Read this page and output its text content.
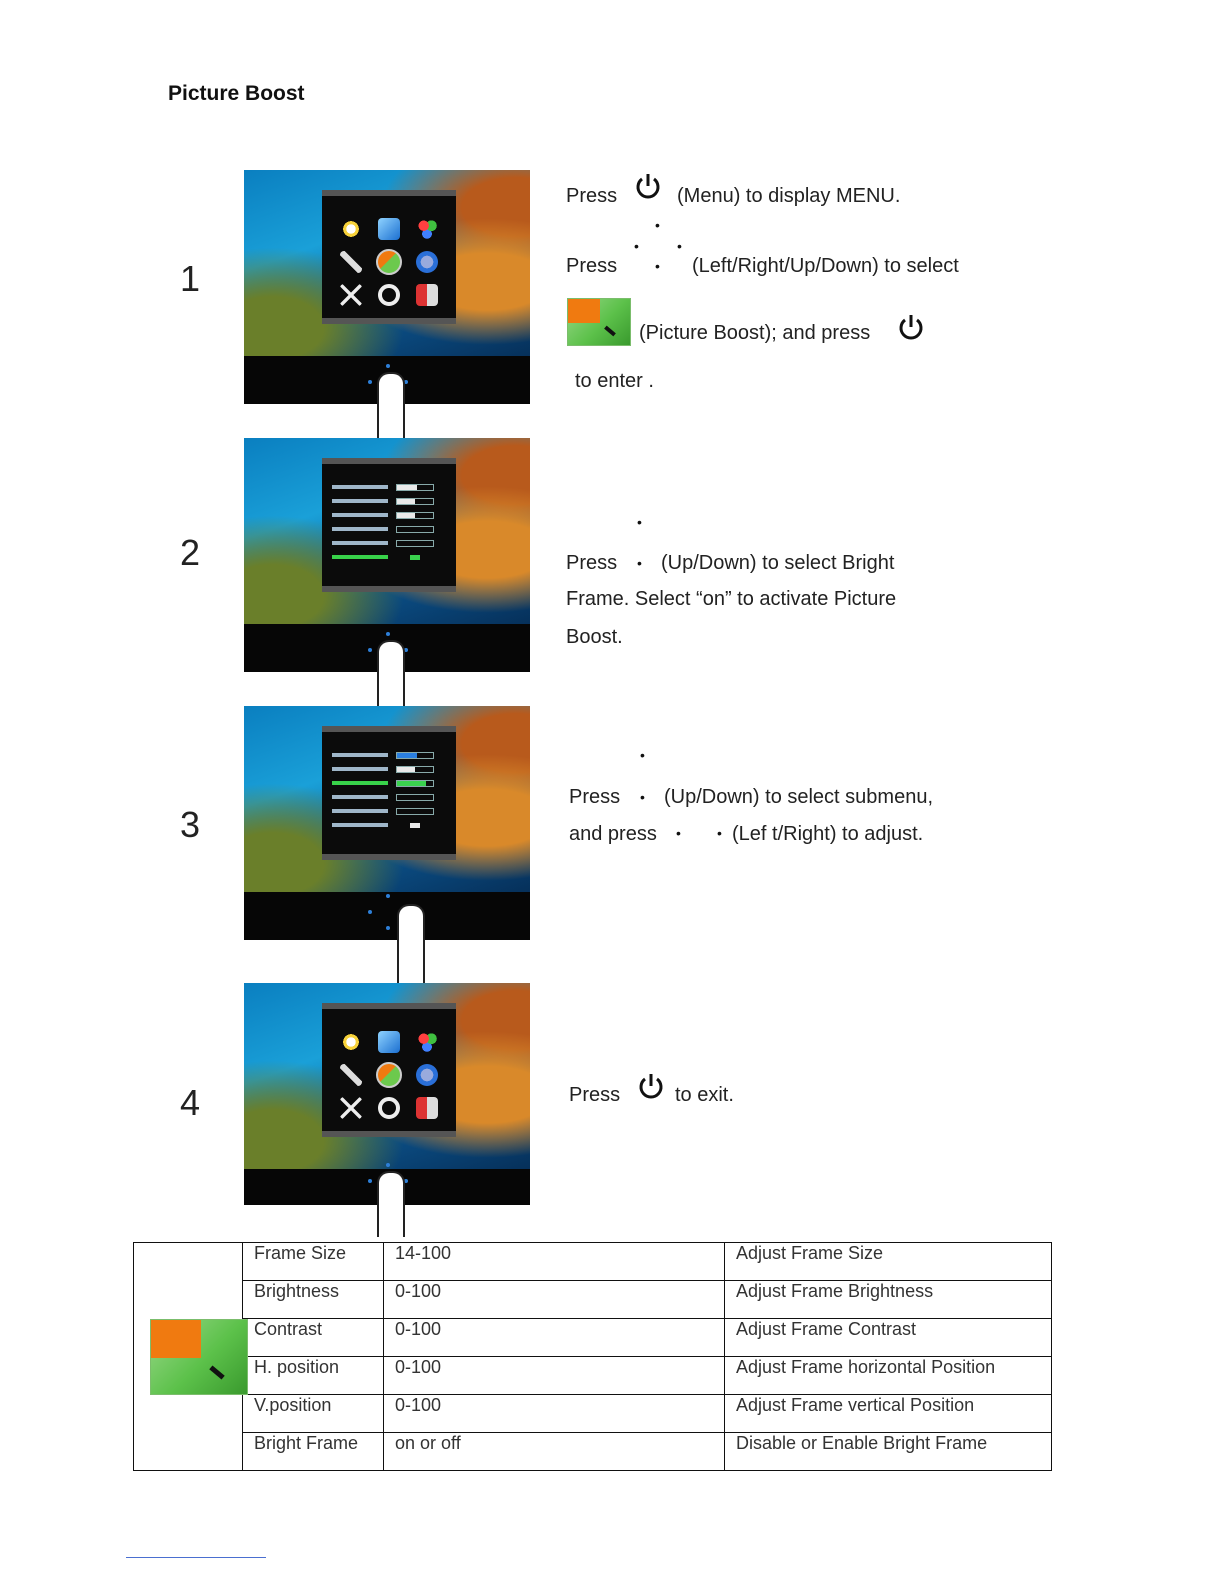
Picture Boost
1
Press	(Menu) to display MENU.
•
•	•
•
Press	(Left/Right/Up/Down) to select
(Picture Boost); and press
to enter .
2
•
Press • (Up/Down) to select Bright
Frame. Select “on” to activate Picture
Boost.
3
•
Press • (Up/Down) to select submenu,
and press •	• (Lef t/Right) to adjust.
4	Press	to exit.
	Frame Size	14-100	Adjust Frame Size
	Brightness	0-100	Adjust Frame Brightness
	Contrast	0-100	Adjust Frame Contrast
	H. position	0-100	Adjust Frame horizontal Position
	V.position	0-100	Adjust Frame vertical Position
	Bright Frame	on or off	Disable or Enable Bright Frame
